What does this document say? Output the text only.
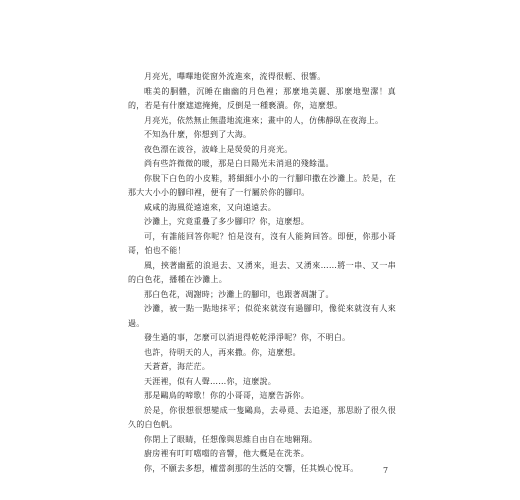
月亮光，嗶嗶地從窗外流進來，流得很輕、很響。

唯美的胴體，沉睡在幽幽的月色裡；那麼地美麗、那麼地聖潔！真的，若是有什麼遮遮掩掩，反倒是一種褻瀆。你，這麼想。

月亮光，依然無止無盡地流進來；畫中的人，仿佛靜臥在夜海上。

不知為什麼，你想到了大海。

夜色漂在波谷，波峰上是熒熒的月亮光。

尚有些許微微的暖，那是白日陽光未消退的殘餘溫。

你脫下白色的小皮鞋，將細細小小的一行腳印撒在沙灘上。於是，在那大大小小的腳印裡，便有了一行屬於你的腳印。

咸咸的海風從遠遠來，又向遠遠去。

沙灘上，究竟重疊了多少腳印？你，這麼想。

可，有誰能回答你呢？怕是沒有，沒有人能夠回答。即便，你那小哥哥，怕也不能！

風，挾著幽藍的浪退去、又湧來，退去、又湧來……將一串、又一串的白色花，播種在沙灘上。

那白色花，凋謝時；沙灘上的腳印，也跟著凋謝了。

沙灘，被一點一點地抹平；似從來就沒有過腳印，像從來就沒有人來過。

發生過的事，怎麼可以消退得乾乾淨淨呢？你，不明白。

也許，待明天的人，再來撒。你，這麼想。

天蒼蒼，海茫茫。

天涯裡，似有人聲……你，這麼說。

那是鷗鳥的啼歌！你的小哥哥，這麼告訴你。

於是，你很想很想變成一隻鷗鳥，去尋覓、去追逐，那思盼了很久很久的白色帆。

你閉上了眼睛，任想像與思維自由自在地翱翔。

廚房裡有叮叮噹噹的音響，他大概是在洗茶。

你，不願去多想，權當刹那的生活的交響，任其娛心悅耳。	7
